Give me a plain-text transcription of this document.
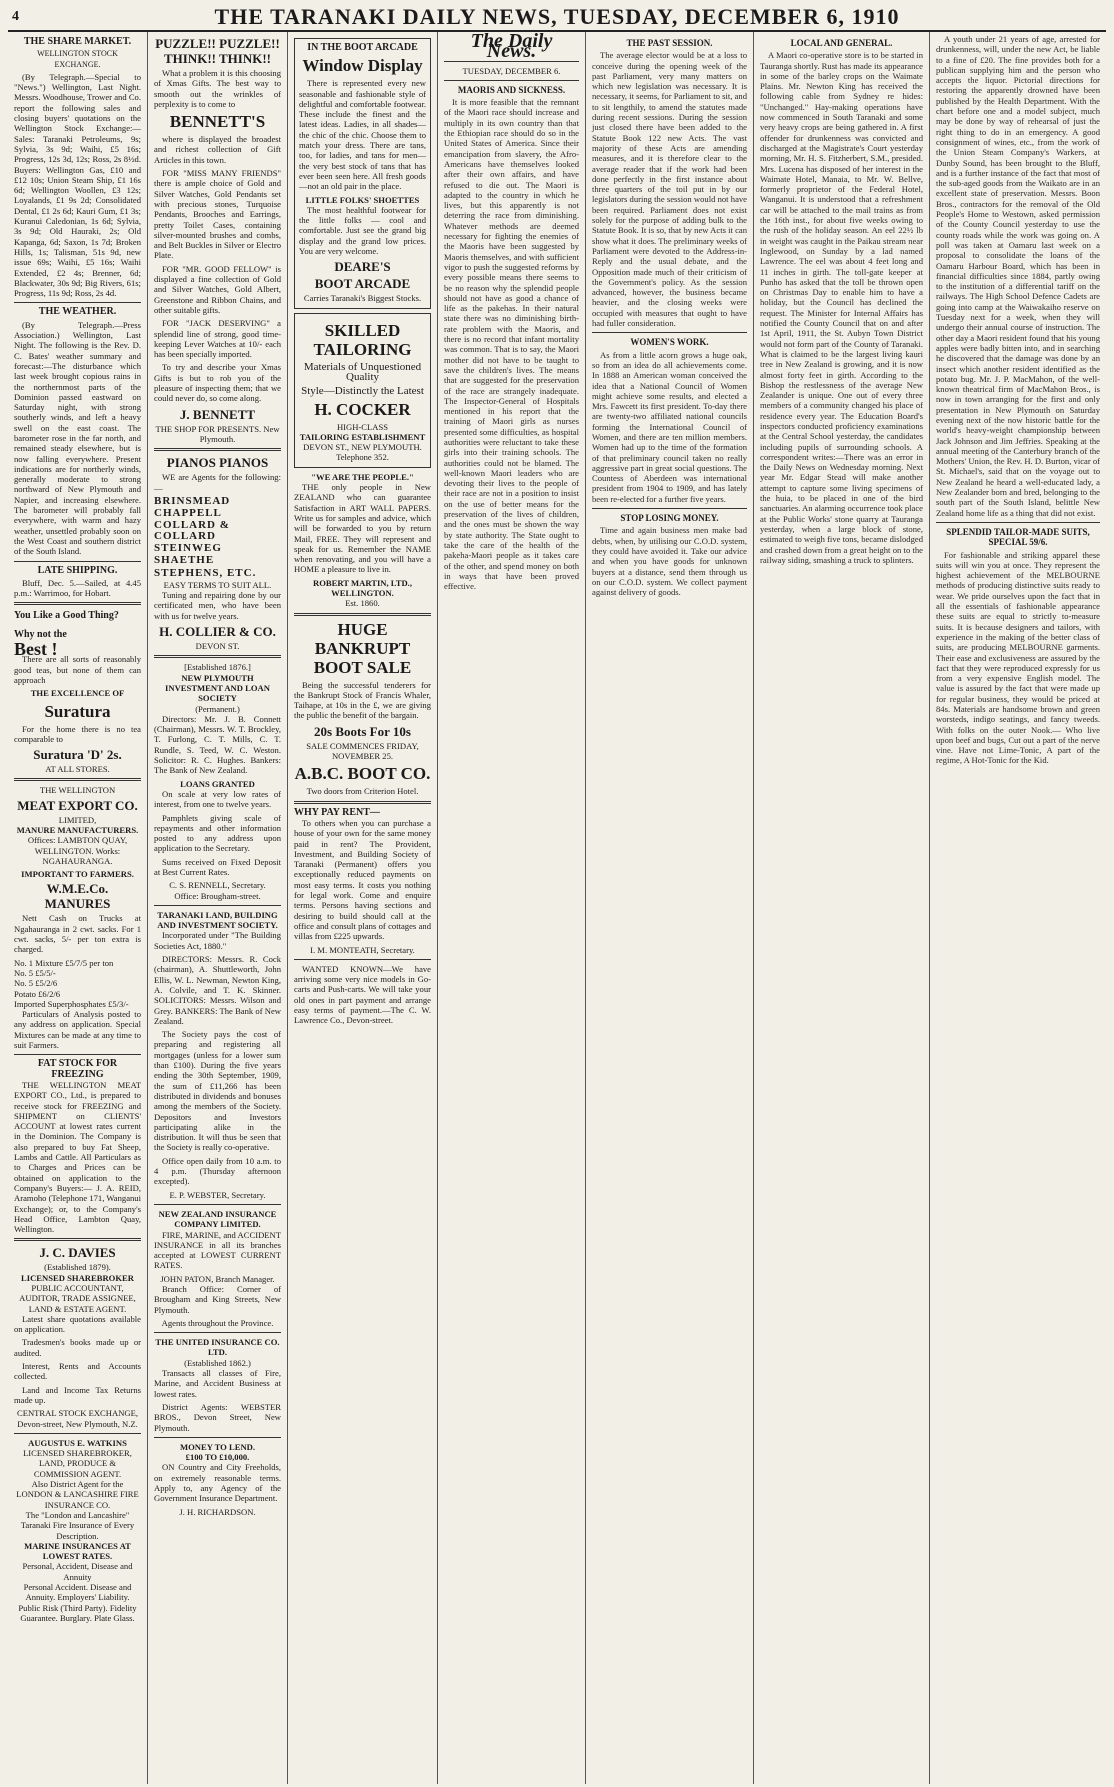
4	THE TARANAKI DAILY NEWS, TUESDAY, DECEMBER 6, 1910
THE SHARE MARKET.
WELLINGTON STOCK EXCHANGE.

(By Telegraph.—Special to "News.") Wellington, Last Night. Messrs. Woodhouse, Trower and Co. report the following sales and closing buyers' quotations on the Wellington Stock Exchange:—Sales: Taranaki Petroleums, 9s; Sylvia, 3s 9d; Waihi, £5 16s; Progress, 12s 3d, 12s; Ross, 2s 8½d. Buyers: Wellington Gas, £10 and £12 10s; Union Steam Ship, £1 16s 6d; Wellington Woollen, £3 12s; Loyalands, £1 9s 2d; Consolidated Dental, £1 2s 6d; Kauri Gum, £1 3s; Kuranui Caledonian, 1s 6d; Sylvia, 3s 9d; Old Hauraki, 2s; Old Kapanga, 6d; Saxon, 1s 7d; Broken Hills, 1s; Talisman, 51s 9d, new issue 69s; Waihi, £5 16s; Waihi Extended, £2 4s; Brenner, 6d; Blackwater, 30s 9d; Big Rivers, 61s; Progress, 11s 9d; Ross, 2s 4d.

THE WEATHER.

(By Telegraph.—Press Association.) Wellington, Last Night. The following is the Rev. D. C. Bates' weather summary and forecast:—The disturbance which last week brought copious rains in the northernmost parts of the Dominion passed eastward on Saturday night, with strong southerly winds, and left a heavy swell on the east coast. The barometer rose in the far north, and remained steady elsewhere, but is now falling everywhere. Present indications are for northerly winds, generally moderate to strong northward of New Plymouth and Napier, and increasing elsewhere. The barometer will probably fall everywhere, with warm and hazy weather, unsettled probably soon on the West Coast and southern district of the South Island.

LATE SHIPPING.

Bluff, Dec. 5.—Sailed, at 4.45 p.m.: Warrimoo, for Hobart.

You Like a Good Thing?
Why not the
Best !

There are all sorts of reasonably good teas, but none of them can approach

THE EXCELLENCE OF
Suratura

For the home there is no tea comparable to

Suratura 'D' 2s.
AT ALL STORES.
THE WELLINGTON
MEAT EXPORT CO.
LIMITED,
MANURE MANUFACTURERS.
Offices: LAMBTON QUAY, WELLINGTON. Works: NGAHAURANGA.
IMPORTANT TO FARMERS.
W.M.E.Co. MANURES

Nett Cash on Trucks at Ngahauranga in 2 cwt. sacks. For 1 cwt. sacks, 5/- per ton extra is charged.

No. 1 Mixture £5/7/5 per ton
No. 5 £5/5/-
No. 5 £5/2/6
Potato £6/2/6
Imported Superphosphates £5/3/-

Particulars of Analysis posted to any address on application. Special Mixtures can be made at any time to suit Farmers.

FAT STOCK FOR FREEZING

THE WELLINGTON MEAT EXPORT CO., Ltd., is prepared to receive stock for FREEZING and SHIPMENT on CLIENTS' ACCOUNT at lowest rates current in the Dominion. The Company is also prepared to buy Fat Sheep, Lambs and Cattle. All Particulars as to Charges and Prices can be obtained on application to the Company's Buyers:— J. A. REID, Aramoho (Telephone 171, Wanganui Exchange); or, to the Company's Head Office, Lambton Quay, Wellington.

J. C. DAVIES
(Established 1879).
LICENSED SHAREBROKER
PUBLIC ACCOUNTANT, AUDITOR, TRADE ASSIGNEE, LAND & ESTATE AGENT.

Latest share quotations available on application.

Tradesmen's books made up or audited.

Interest, Rents and Accounts collected.

Land and Income Tax Returns made up.

CENTRAL STOCK EXCHANGE, Devon-street, New Plymouth, N.Z.
AUGUSTUS E. WATKINS
LICENSED SHAREBROKER, LAND, PRODUCE & COMMISSION AGENT.
Also District Agent for the LONDON & LANCASHIRE FIRE INSURANCE CO.
The "London and Lancashire" Taranaki Fire Insurance of Every Description.
MARINE INSURANCES AT LOWEST RATES.
Personal, Accident, Disease and Annuity
Personal Accident. Disease and Annuity. Employers' Liability. Public Risk (Third Party). Fidelity Guarantee. Burglary. Plate Glass.
PUZZLE!! PUZZLE!! THINK!! THINK!!

What a problem it is this choosing of Xmas Gifts. The best way to smooth out the wrinkles of perplexity is to come to

BENNETT'S

where is displayed the broadest and richest collection of Gift Articles in this town.

FOR "MISS MANY FRIENDS" there is ample choice of Gold and Silver Watches, Gold Pendants set with precious stones, Turquoise Pendants, Brooches and Earrings, pretty Toilet Cases, containing silver-mounted brushes and combs, and Belt Buckles in Silver or Electro Plate.

FOR "MR. GOOD FELLOW" is displayed a fine collection of Gold and Silver Watches, Gold Albert, Greenstone and Ribbon Chains, and other suitable gifts.

FOR "JACK DESERVING" a splendid line of strong, good time-keeping Lever Watches at 10/- each has been specially imported.

To try and describe your Xmas Gifts is but to rob you of the pleasure of inspecting them; that we could never do, so come along.

J. BENNETT
THE SHOP FOR PRESENTS. New Plymouth.
PIANOS PIANOS

WE are Agents for the following:—

BRINSMEAD
CHAPPELL
COLLARD & COLLARD
STEINWEG
SHAETHE
STEPHENS, ETC.
EASY TERMS TO SUIT ALL.

Tuning and repairing done by our certificated men, who have been with us for twelve years.

H. COLLIER & CO.
DEVON ST.
[Established 1876.]
NEW PLYMOUTH INVESTMENT AND LOAN SOCIETY
(Permanent.)

Directors: Mr. J. B. Connett (Chairman), Messrs. W. T. Brockley, T. Furlong, C. T. Mills, C. T. Rundle, S. Teed, W. C. Weston. Solicitor: R. C. Hughes. Bankers: The Bank of New Zealand.

LOANS GRANTED

On scale at very low rates of interest, from one to twelve years.

Pamphlets giving scale of repayments and other information posted to any address upon application to the Secretary.

Sums received on Fixed Deposit at Best Current Rates.

C. S. RENNELL, Secretary.
Office: Brougham-street.
TARANAKI LAND, BUILDING AND INVESTMENT SOCIETY.

Incorporated under "The Building Societies Act, 1880."

DIRECTORS: Messrs. R. Cock (chairman), A. Shuttleworth, John Ellis, W. L. Newman, Newton King, A. Colvile, and T. K. Skinner. SOLICITORS: Messrs. Wilson and Grey. BANKERS: The Bank of New Zealand.

The Society pays the cost of preparing and registering all mortgages (unless for a lower sum than £100). During the five years ending the 30th September, 1909, the sum of £11,266 has been distributed in dividends and bonuses among the members of the Society. Depositors and Investors participating alike in the distribution. It will thus be seen that the Society is really co-operative.

Office open daily from 10 a.m. to 4 p.m. (Thursday afternoon excepted).

E. P. WEBSTER, Secretary.
NEW ZEALAND INSURANCE COMPANY LIMITED.

FIRE, MARINE, and ACCIDENT INSURANCE in all its branches accepted at LOWEST CURRENT RATES.

JOHN PATON, Branch Manager.

Branch Office: Corner of Brougham and King Streets, New Plymouth.

Agents throughout the Province.
THE UNITED INSURANCE CO. LTD.
(Established 1862.)

Transacts all classes of Fire, Marine, and Accident Business at lowest rates.

District Agents: WEBSTER BROS., Devon Street, New Plymouth.

MONEY TO LEND.
£100 TO £10,000.

ON Country and City Freeholds, on extremely reasonable terms. Apply to, any Agency of the Government Insurance Department.

J. H. RICHARDSON.
IN THE BOOT ARCADE
Window Display

There is represented every new seasonable and fashionable style of delightful and comfortable footwear. These include the finest and the latest ideas. Ladies, in all shades—the chic of the chic. Choose them to match your dress. There are tans, too, for ladies, and tans for men—the very best stock of tans that has ever been seen here. All fresh goods—not an old pair in the place.

LITTLE FOLKS' SHOETTES

The most healthful footwear for the little folks — cool and comfortable. Just see the grand big display and the grand low prices. You are very welcome.

DEARE'S
BOOT ARCADE
Carries Taranaki's Biggest Stocks.
SKILLED TAILORING
Materials of Unquestioned Quality
Style—Distinctly the Latest
H. COCKER
HIGH-CLASS
TAILORING ESTABLISHMENT
DEVON ST., NEW PLYMOUTH.
Telephone 352.
"WE ARE THE PEOPLE."

THE only people in New ZEALAND who can guarantee Satisfaction in ART WALL PAPERS. Write us for samples and advice, which will be forwarded to you by return Mail, FREE. They will represent and speak for us. Remember the NAME when renovating, and you will have a HOME a pleasure to live in.

ROBERT MARTIN, LTD., WELLINGTON.
Est. 1860.
HUGE BANKRUPT BOOT SALE

Being the successful tenderers for the Bankrupt Stock of Francis Whaler, Taihape, at 10s in the £, we are giving the public the benefit of the bargain.

20s Boots For 10s
SALE COMMENCES FRIDAY, NOVEMBER 25.
A.B.C. BOOT CO.
Two doors from Criterion Hotel.
WHY PAY RENT—

To others when you can purchase a house of your own for the same money paid in rent? The Provident, Investment, and Building Society of Taranaki (Permanent) offers you exceptionally reduced payments on most easy terms. It costs you nothing for legal work. Come and enquire terms. Persons having sections and desiring to build should call at the office and consult plans of cottages and villas from £225 upwards.

I. M. MONTEATH, Secretary.

WANTED KNOWN—We have arriving some very nice models in Go-carts and Push-carts. We will take your old ones in part payment and arrange easy terms of payment.—The C. W. Lawrence Co., Devon-street.

The Daily News.
TUESDAY, DECEMBER 6.
MAORIS AND SICKNESS.

It is more feasible that the remnant of the Maori race should increase and multiply in its own country than that the Ethiopian race should do so in the United States of America. Since their emancipation from slavery, the Afro-Americans have themselves looked after their own affairs, and have refused to die out. The Maori is adapted to the country in which he lives, but this apparently is not deterring the race from diminishing. Whatever methods are deemed necessary for fighting the enemies of the Maoris have been suggested by Maoris themselves, and with sufficient vigor to push the suggested reforms by every possible means there seems to be no reason why the splendid people should not have as good a chance of life as the pakehas. In their natural state there was no diminishing birth-rate problem with the Maoris, and there is no record that infant mortality was common. That is to say, the Maori mother did not have to be taught to save the children's lives. The means that are suggested for the preservation of the race are strangely inadequate. The Inspector-General of Hospitals mentioned in his report that the training of Maori girls as nurses presented some difficulties, as hospital authorities were reluctant to take these girls into their training schools. The authorities could not be blamed. The well-known Maori leaders who are devoting their lives to the people of their race are not in a position to insist on the use of better means for the preservation of the lives of children, and the ones must be shown the way by state authority. The State ought to take the care of the health of the pakeha-Maori people as it takes care of the other, and spend money on both in ways that have been proved effective.

THE PAST SESSION.

The average elector would be at a loss to conceive during the opening week of the past Parliament, very many matters on which new legislation was necessary. It is necessary, it seems, for Parliament to sit, and to sit lengthily, to amend the statutes made during recent sessions. During the session just closed there have been added to the Statute Book 122 new Acts. The vast majority of these Acts are amending measures, and it is therefore clear to the average reader that if the work had been done perfectly in the first instance about three quarters of the toil put in by our legislators during the session would not have been required. Parliament does not exist solely for the purpose of adding bulk to the Statute Book. It is so, that by new Acts it can show what it does. The preliminary weeks of Parliament were devoted to the Address-in-Reply and the usual debate, and the Opposition made much of their criticism of the Government's policy. As the session advanced, however, the business became heavier, and the closing weeks were occupied with measures that ought to have had fuller consideration.

WOMEN'S WORK.

As from a little acorn grows a huge oak, so from an idea do all achievements come. In 1888 an American woman conceived the idea that a National Council of Women might achieve some results, and elected a Mrs. Fawcett its first president. To-day there are twenty-two affiliated national councils forming the International Council of Women, and there are ten million members. Women had up to the time of the formation of that preliminary council taken no really aggressive part in great social questions. The Countess of Aberdeen was international president from 1904 to 1909, and has lately been re-elected for a further five years.

STOP LOSING MONEY.

Time and again business men make bad debts, when, by utilising our C.O.D. system, they could have avoided it. Take our advice and when you have goods for unknown buyers at a distance, send them through us on our C.O.D. system. We collect payment against delivery of goods.

LOCAL AND GENERAL.

A Maori co-operative store is to be started in Tauranga shortly. Rust has made its appearance in some of the barley crops on the Waimate Plains. Mr. Newton King has received the following cable from Sydney re hides: "Unchanged." Hay-making operations have now commenced in South Taranaki and some very heavy crops are being gathered in. A first offender for drunkenness was convicted and discharged at the Magistrate's Court yesterday morning, Mr. H. S. Fitzherbert, S.M., presided. Mrs. Lucena has disposed of her interest in the Waimate Hotel, Manaia, to Mr. W. Bellve, formerly proprietor of the Federal Hotel, Wanganui. It is understood that a refreshment car will be attached to the mail trains as from the 16th inst., for about five weeks owing to the rush of the holiday season. An eel 22½ lb in weight was caught in the Paikau stream near Inglewood, on Sunday by a lad named Lawrence. The eel was about 4 feet long and 11 inches in girth. The toll-gate keeper at Punho has asked that the toll be thrown open on Christmas Day to enable him to have a holiday, but the Council has declined the request. The Minister for Internal Affairs has notified the County Council that on and after 1st April, 1911, the St. Aubyn Town District would not form part of the County of Taranaki. What is claimed to be the largest living kauri tree in New Zealand is growing, and it is now almost forty feet in girth. According to the Bishop the restlessness of the average New Zealander is unique. One out of every three members of a community changed his place of residence every year. The Education Board's inspectors conducted proficiency examinations at the Central School yesterday, the candidates including pupils of surrounding schools. A correspondent writes:—There was an error in the Daily News on Wednesday morning. Next year Mr. Edgar Stead will make another attempt to capture some living specimens of the huia, to be placed in one of the bird sanctuaries. An alarming occurrence took place at the Public Works' stone quarry at Tauranga yesterday, when a large block of stone, estimated to weigh five tons, became dislodged and crashed down from a great height on to the railway siding, smashing a truck to splinters.

A youth under 21 years of age, arrested for drunkenness, will, under the new Act, be liable to a fine of £20. The fine provides both for a publican supplying him and the person who accepts the liquor. Pictorial directions for restoring the apparently drowned have been published by the Health Department. With the chart before one and a model subject, much may be done by way of rehearsal of just the right thing to do in an emergency. A good consignment of wines, etc., from the work of the Union Steam Company's Warkers, at Dunby Sound, has been brought to the Bluff, and is a further instance of the fact that most of the sub-aged goods from the Waikato are in an excellent state of preservation. Messrs. Boon Bros., contractors for the removal of the Old People's Home to Westown, asked permission of the County Council yesterday to use the county roads while the work was going on. A poll was taken at Oamaru last week on a proposal to consolidate the loans of the Oamaru Harbour Board, which has been in financial difficulties since 1884, partly owing to the institution of a differential tariff on the railways. The High School Defence Cadets are going into camp at the Waiwakaiho reserve on Tuesday next for a week, when they will undergo their annual course of instruction. The other day a Maori resident found that his young apples were badly bitten into, and in searching he discovered that the damage was done by an insect which another resident identified as the potato bug. Mr. J. P. MacMahon, of the well-known theatrical firm of MacMahon Bros., is now in town arranging for the first and only presentation in New Plymouth on Saturday evening next of the now historic battle for the world's heavy-weight championship between Jack Johnson and Jim Jeffries. Speaking at the annual meeting of the Canterbury branch of the Mothers' Union, the Rev. H. D. Burton, vicar of St. Michael's, said that on the voyage out to New Zealand he heard a well-educated lady, a New Zealander born and bred, belonging to the south part of the South Island, belittle New Zealand home life as a thing that did not exist.

SPLENDID TAILOR-MADE SUITS, SPECIAL 59/6.

For fashionable and striking apparel these suits will win you at once. They represent the highest achievement of the MELBOURNE methods of producing distinctive suits ready to wear. We pride ourselves upon the fact that in all the essentials of fashionable appearance these suits are equal to strictly to-measure suits. It is because designers and tailors, with experience in the making of the better class of suits, are producing MELBOURNE garments. Their ease and exclusiveness are assured by the fact that they were reproduced expressly for us from a very expensive English model. The value is assured by the fact that were made up for regular business, they would be priced at 84s. Materials are handsome brown and green worsteds, indigo seatings, and fancy tweeds. With folks on the outer Nook.— Who live upon beef and bugs, Cut out a part of the nerve vine. Have not Lime-Tonic, A part of the regime, A Hot-Tonic for the Kid.
